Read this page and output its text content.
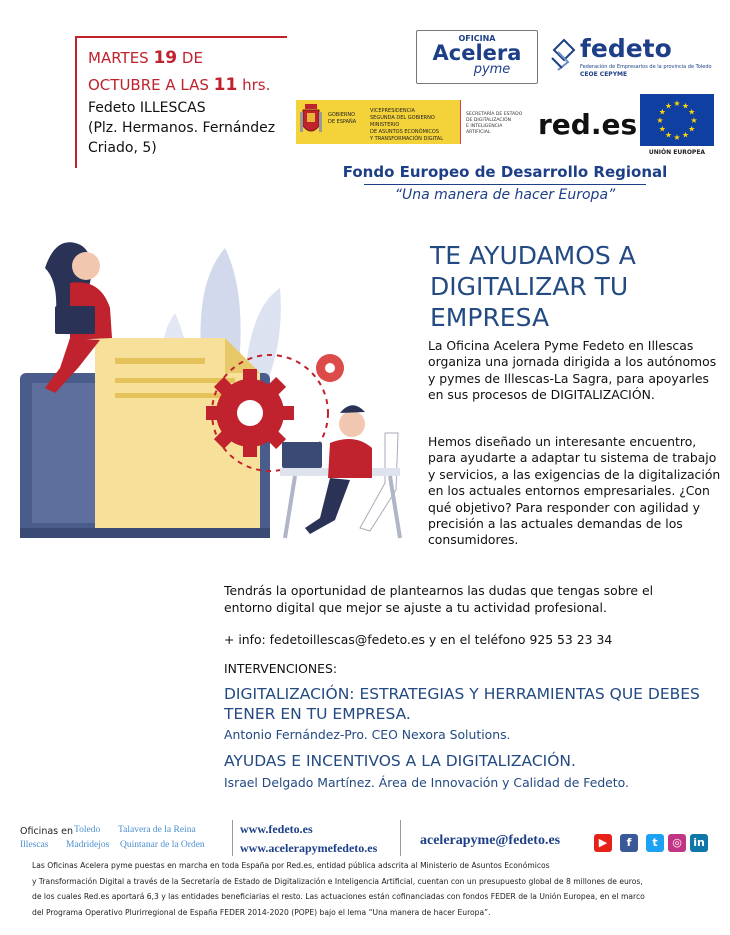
MARTES 19 DE
OCTUBRE A LAS 11 hrs.
Fedeto ILLESCAS
(Plz. Hermanos. Fernández
Criado, 5)
OFICINA
Acelera
pyme
fedeto
Federación de Empresarios de la provincia de Toledo
CEOE CEPYME
GOBIERNO
DE ESPAÑA
VICEPRESIDENCIA
SEGUNDA DEL GOBIERNO
MINISTERIO
DE ASUNTOS ECONÓMICOS
Y TRANSFORMACIÓN DIGITAL
SECRETARÍA DE ESTADO
DE DIGITALIZACIÓN
E INTELIGENCIA ARTIFICIAL	red.es	★
★
★
★
★
★
★
★
★ ★ ★
★
UNIÓN EUROPEA
Fondo Europeo de Desarrollo Regional
“Una manera de hacer Europa”
TE AYUDAMOS A
DIGITALIZAR TU
EMPRESA
La Oficina Acelera Pyme Fedeto en Illescas organiza una jornada dirigida a los autónomos y pymes de Illescas-La Sagra, para apoyarles en sus procesos de DIGITALIZACIÓN.
Hemos diseñado un interesante encuentro, para ayudarte a adaptar tu sistema de trabajo y servicios, a las exigencias de la digitalización en los actuales entornos empresariales. ¿Con qué objetivo? Para responder con agilidad y precisión a las actuales demandas de los consumidores.
Tendrás la oportunidad de plantearnos las dudas que tengas sobre el entorno digital que mejor se ajuste a tu actividad profesional.
+ info: fedetoillescas@fedeto.es y en el teléfono 925 53 23 34
INTERVENCIONES:
DIGITALIZACIÓN: ESTRATEGIAS Y HERRAMIENTAS QUE DEBES TENER EN TU EMPRESA.
Antonio Fernández-Pro. CEO Nexora Solutions.
AYUDAS E INCENTIVOS A LA DIGITALIZACIÓN.
Israel Delgado Martínez. Área de Innovación y Calidad de Fedeto.
Oficinas en Toledo Talavera de la Reina
Illescas Madridejos Quintanar de la Orden
www.fedeto.es
www.acelerapymefedeto.es	acelerapyme@fedeto.es	▶	f	t	◎	in
Las Oficinas Acelera pyme puestas en marcha en toda España por Red.es, entidad pública adscrita al Ministerio de Asuntos Económicos
y Transformación Digital a través de la Secretaría de Estado de Digitalización e Inteligencia Artificial, cuentan con un presupuesto global de 8 millones de euros,
de los cuales Red.es aportará 6,3 y las entidades beneficiarias el resto. Las actuaciones están cofinanciadas con fondos FEDER de la Unión Europea, en el marco
del Programa Operativo Plurirregional de España FEDER 2014-2020 (POPE) bajo el lema “Una manera de hacer Europa”.
